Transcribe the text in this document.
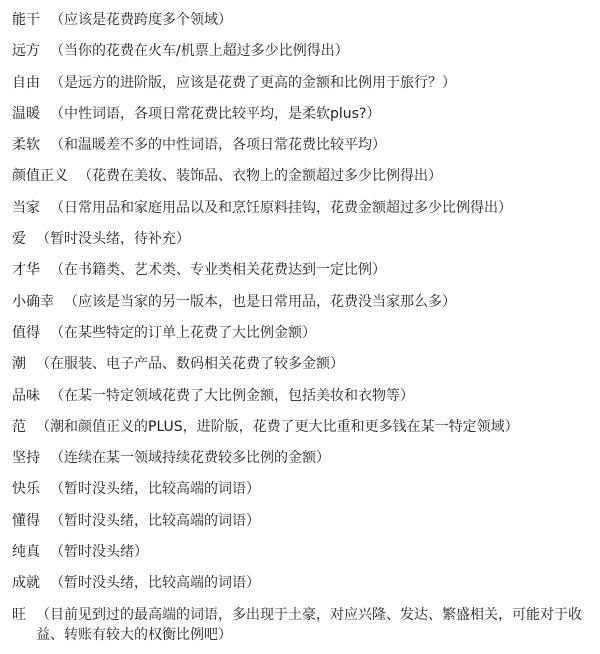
能干 （应该是花费跨度多个领域）
远方 （当你的花费在火车/机票上超过多少比例得出）
自由 （是远方的进阶版，应该是花费了更高的金额和比例用于旅行？）
温暖 （中性词语，各项日常花费比较平均，是柔软plus?）
柔软 （和温暖差不多的中性词语，各项日常花费比较平均）
颜值正义 （花费在美妆、装饰品、衣物上的金额超过多少比例得出）
当家 （日常用品和家庭用品以及和烹饪原料挂钩，花费金额超过多少比例得出）
爱 （暂时没头绪，待补充）
才华 （在书籍类、艺术类、专业类相关花费达到一定比例）
小确幸 （应该是当家的另一版本，也是日常用品，花费没当家那么多）
值得 （在某些特定的订单上花费了大比例金额）
潮 （在服装、电子产品、数码相关花费了较多金额）
品味 （在某一特定领域花费了大比例金额，包括美妆和衣物等）
范 （潮和颜值正义的PLUS，进阶版，花费了更大比重和更多钱在某一特定领域）
坚持 （连续在某一领域持续花费较多比例的金额）
快乐 （暂时没头绪，比较高端的词语）
懂得 （暂时没头绪，比较高端的词语）
纯真 （暂时没头绪）
成就 （暂时没头绪，比较高端的词语）
旺 （目前见到过的最高端的词语，多出现于土豪，对应兴隆、发达、繁盛相关，可能对于收益、转账有较大的权衡比例吧）
